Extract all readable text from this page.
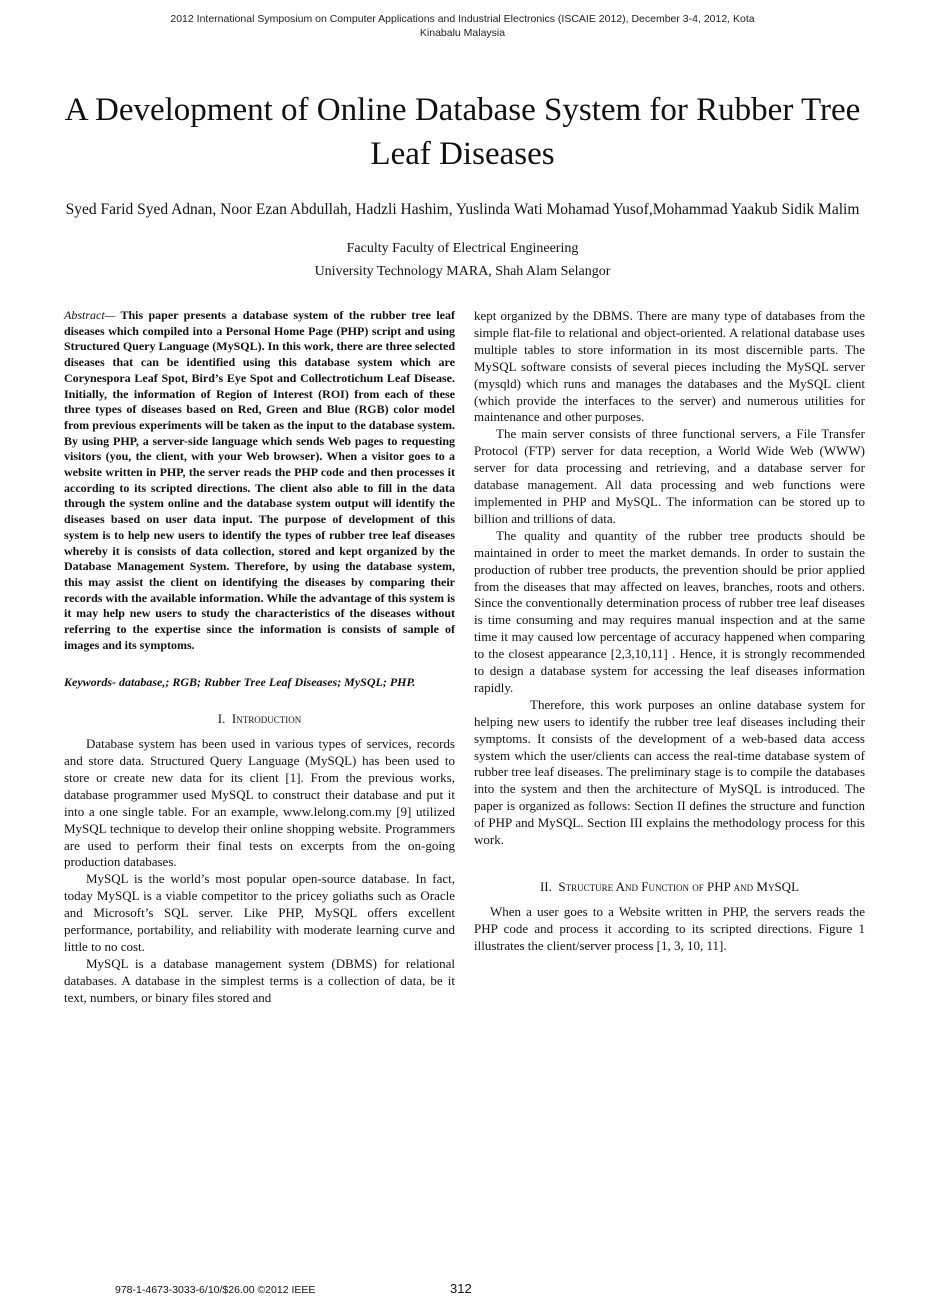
2012 International Symposium on Computer Applications and Industrial Electronics (ISCAIE 2012), December 3-4, 2012, Kota
Kinabalu Malaysia
A Development of Online Database System for Rubber Tree Leaf Diseases
Syed Farid Syed Adnan, Noor Ezan Abdullah, Hadzli Hashim, Yuslinda Wati Mohamad Yusof,Mohammad Yaakub Sidik Malim
Faculty Faculty of Electrical Engineering
University Technology MARA, Shah Alam Selangor

Abstract— This paper presents a database system of the rubber tree leaf diseases which compiled into a Personal Home Page (PHP) script and using Structured Query Language (MySQL). In this work, there are three selected diseases that can be identified using this database system which are Corynespora Leaf Spot, Bird’s Eye Spot and Collectrotichum Leaf Disease. Initially, the information of Region of Interest (ROI) from each of these three types of diseases based on Red, Green and Blue (RGB) color model from previous experiments will be taken as the input to the database system. By using PHP, a server-side language which sends Web pages to requesting visitors (you, the client, with your Web browser). When a visitor goes to a website written in PHP, the server reads the PHP code and then processes it according to its scripted directions. The client also able to fill in the data through the system online and the database system output will identify the diseases based on user data input. The purpose of development of this system is to help new users to identify the types of rubber tree leaf diseases whereby it is consists of data collection, stored and kept organized by the Database Management System. Therefore, by using the database system, this may assist the client on identifying the diseases by comparing their records with the available information. While the advantage of this system is it may help new users to study the characteristics of the diseases without referring to the expertise since the information is consists of sample of images and its symptoms.

Keywords- database,; RGB; Rubber Tree Leaf Diseases; MySQL; PHP.

I. Introduction

Database system has been used in various types of services, records and store data. Structured Query Language (MySQL) has been used to store or create new data for its client [1]. From the previous works, database programmer used MySQL to construct their database and put it into a one single table. For an example, www.lelong.com.my [9] utilized MySQL technique to develop their online shopping website. Programmers are used to perform their final tests on excerpts from the on-going production databases.

MySQL is the world’s most popular open-source database. In fact, today MySQL is a viable competitor to the pricey goliaths such as Oracle and Microsoft’s SQL server. Like PHP, MySQL offers excellent performance, portability, and reliability with moderate learning curve and little to no cost.

MySQL is a database management system (DBMS) for relational databases. A database in the simplest terms is a collection of data, be it text, numbers, or binary files stored and

kept organized by the DBMS. There are many type of databases from the simple flat-file to relational and object-oriented. A relational database uses multiple tables to store information in its most discernible parts. The MySQL software consists of several pieces including the MySQL server (mysqld) which runs and manages the databases and the MySQL client (which provide the interfaces to the server) and numerous utilities for maintenance and other purposes.

The main server consists of three functional servers, a File Transfer Protocol (FTP) server for data reception, a World Wide Web (WWW) server for data processing and retrieving, and a database server for database management. All data processing and web functions were implemented in PHP and MySQL. The information can be stored up to billion and trillions of data.

The quality and quantity of the rubber tree products should be maintained in order to meet the market demands. In order to sustain the production of rubber tree products, the prevention should be prior applied from the diseases that may affected on leaves, branches, roots and others. Since the conventionally determination process of rubber tree leaf diseases is time consuming and may requires manual inspection and at the same time it may caused low percentage of accuracy happened when comparing to the closest appearance [2,3,10,11] . Hence, it is strongly recommended to design a database system for accessing the leaf diseases information rapidly.

Therefore, this work purposes an online database system for helping new users to identify the rubber tree leaf diseases including their symptoms. It consists of the development of a web-based data access system which the user/clients can access the real-time database system of rubber tree leaf diseases. The preliminary stage is to compile the databases into the system and then the architecture of MySQL is introduced. The paper is organized as follows: Section II defines the structure and function of PHP and MySQL. Section III explains the methodology process for this work.

II. Structure And Function of PHP and MySQL

When a user goes to a Website written in PHP, the servers reads the PHP code and process it according to its scripted directions. Figure 1 illustrates the client/server process [1, 3, 10, 11].

978-1-4673-3033-6/10/$26.00 ©2012 IEEE	312
